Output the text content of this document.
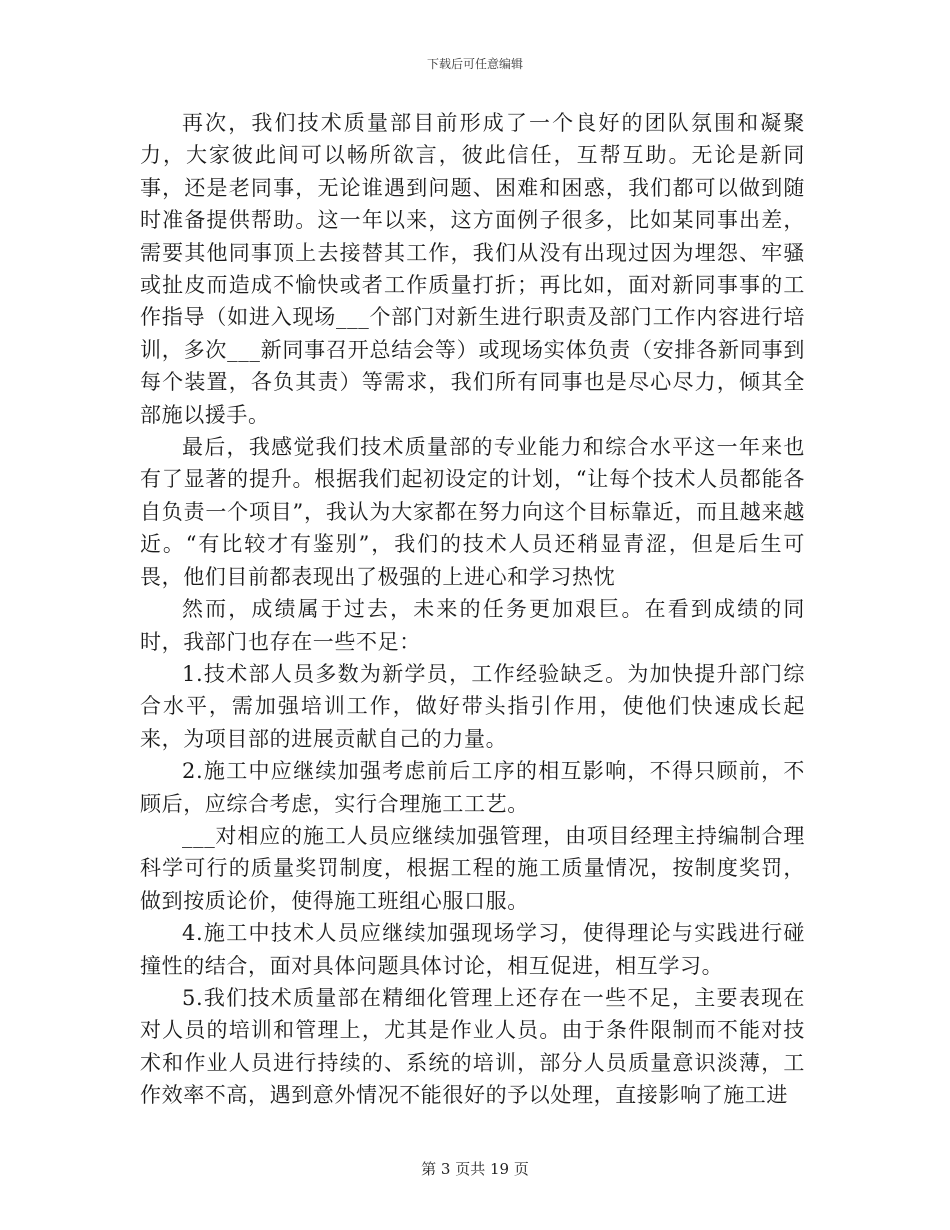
下载后可任意编辑

再次，我们技术质量部目前形成了一个良好的团队氛围和凝聚力，大家彼此间可以畅所欲言，彼此信任，互帮互助。无论是新同事，还是老同事，无论谁遇到问题、困难和困惑，我们都可以做到随时准备提供帮助。这一年以来，这方面例子很多，比如某同事出差，需要其他同事顶上去接替其工作，我们从没有出现过因为埋怨、牢骚或扯皮而造成不愉快或者工作质量打折；再比如，面对新同事事的工作指导（如进入现场___个部门对新生进行职责及部门工作内容进行培训，多次___新同事召开总结会等）或现场实体负责（安排各新同事到每个装置，各负其责）等需求，我们所有同事也是尽心尽力，倾其全部施以援手。

最后，我感觉我们技术质量部的专业能力和综合水平这一年来也有了显著的提升。根据我们起初设定的计划，“让每个技术人员都能各自负责一个项目”，我认为大家都在努力向这个目标靠近，而且越来越近。“有比较才有鉴别”，我们的技术人员还稍显青涩，但是后生可畏，他们目前都表现出了极强的上进心和学习热忱

然而，成绩属于过去，未来的任务更加艰巨。在看到成绩的同时，我部门也存在一些不足：

1.技术部人员多数为新学员，工作经验缺乏。为加快提升部门综合水平，需加强培训工作，做好带头指引作用，使他们快速成长起来，为项目部的进展贡献自己的力量。

2.施工中应继续加强考虑前后工序的相互影响，不得只顾前，不顾后，应综合考虑，实行合理施工工艺。

___对相应的施工人员应继续加强管理，由项目经理主持编制合理科学可行的质量奖罚制度，根据工程的施工质量情况，按制度奖罚，做到按质论价，使得施工班组心服口服。

4.施工中技术人员应继续加强现场学习，使得理论与实践进行碰撞性的结合，面对具体问题具体讨论，相互促进，相互学习。

5.我们技术质量部在精细化管理上还存在一些不足，主要表现在对人员的培训和管理上，尤其是作业人员。由于条件限制而不能对技术和作业人员进行持续的、系统的培训，部分人员质量意识淡薄，工作效率不高，遇到意外情况不能很好的予以处理，直接影响了施工进

第 3 页共 19 页
